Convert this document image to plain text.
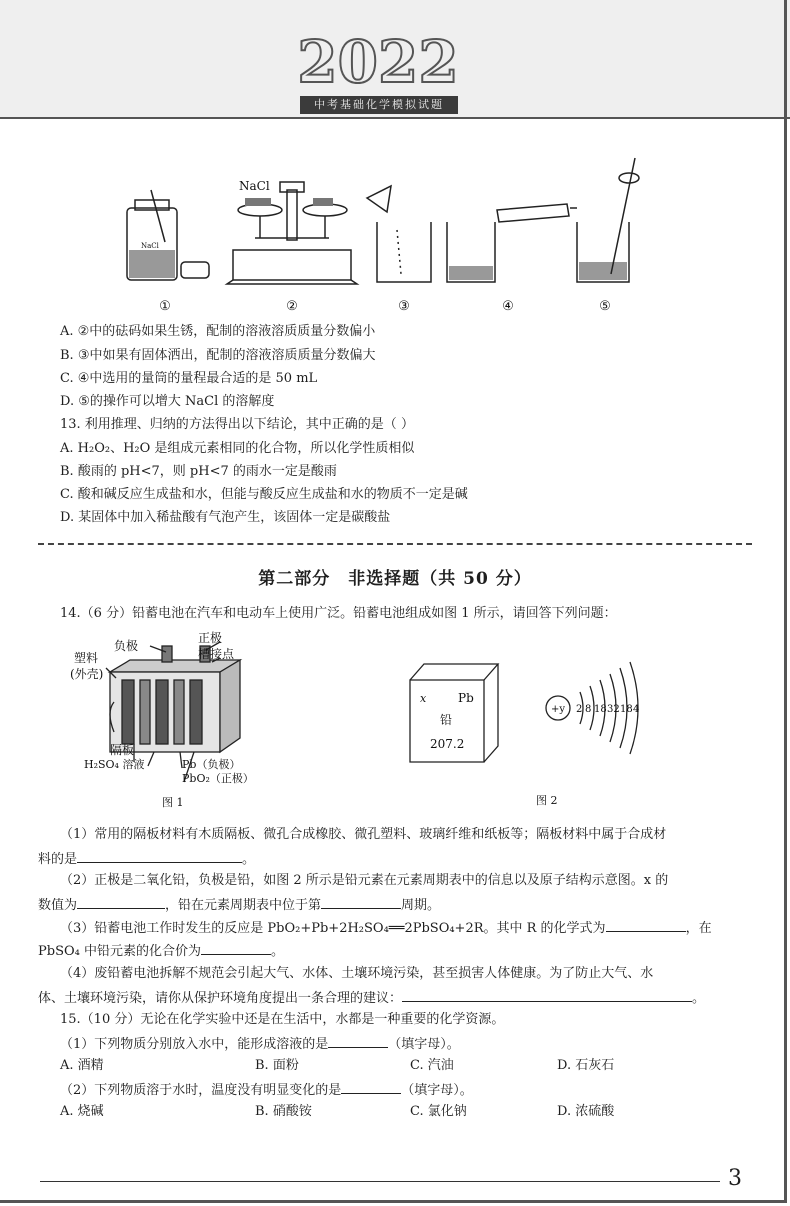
2022
中考基础化学模拟试题
NaCl
NaCl
①	②	③	④	⑤
A. ②中的砝码如果生锈，配制的溶液溶质质量分数偏小
B. ③中如果有固体洒出，配制的溶液溶质质量分数偏大
C. ④中选用的量筒的量程最合适的是 50 mL
D. ⑤的操作可以增大 NaCl 的溶解度
13. 利用推理、归纳的方法得出以下结论，其中正确的是（ ）
A. H₂O₂、H₂O 是组成元素相同的化合物，所以化学性质相似
B. 酸雨的 pH<7，则 pH<7 的雨水一定是酸雨
C. 酸和碱反应生成盐和水，但能与酸反应生成盐和水的物质不一定是碱
D. 某固体中加入稀盐酸有气泡产生，该固体一定是碳酸盐
第二部分　非选择题（共 50 分）
14.（6 分）铅蓄电池在汽车和电动车上使用广泛。铅蓄电池组成如图 1 所示，请回答下列问题：
负极
正极
槽接点
塑料
(外壳)
隔板
H₂SO₄ 溶液	Pb（负极）
PbO₂（正极）
图 1
x	Pb
铅
207.2
+y 2 8 18 32 18 4
图 2
（1）常用的隔板材料有木质隔板、微孔合成橡胶、微孔塑料、玻璃纤维和纸板等；隔板材料中属于合成材
料的是	。
（2）正极是二氧化铅，负极是铅，如图 2 所示是铅元素在元素周期表中的信息以及原子结构示意图。x 的
数值为	，铅在元素周期表中位于第	周期。
（3）铅蓄电池工作时发生的反应是 PbO₂+Pb+2H₂SO₄══2PbSO₄+2R。其中 R 的化学式为	，在
PbSO₄ 中铅元素的化合价为	。
（4）废铅蓄电池拆解不规范会引起大气、水体、土壤环境污染，甚至损害人体健康。为了防止大气、水
体、土壤环境污染，请你从保护环境角度提出一条合理的建议：	。
15.（10 分）无论在化学实验中还是在生活中，水都是一种重要的化学资源。
（1）下列物质分别放入水中，能形成溶液的是	（填字母）。
A. 酒精	B. 面粉	C. 汽油	D. 石灰石
（2）下列物质溶于水时，温度没有明显变化的是	（填字母）。
A. 烧碱	B. 硝酸铵	C. 氯化钠	D. 浓硫酸
3
